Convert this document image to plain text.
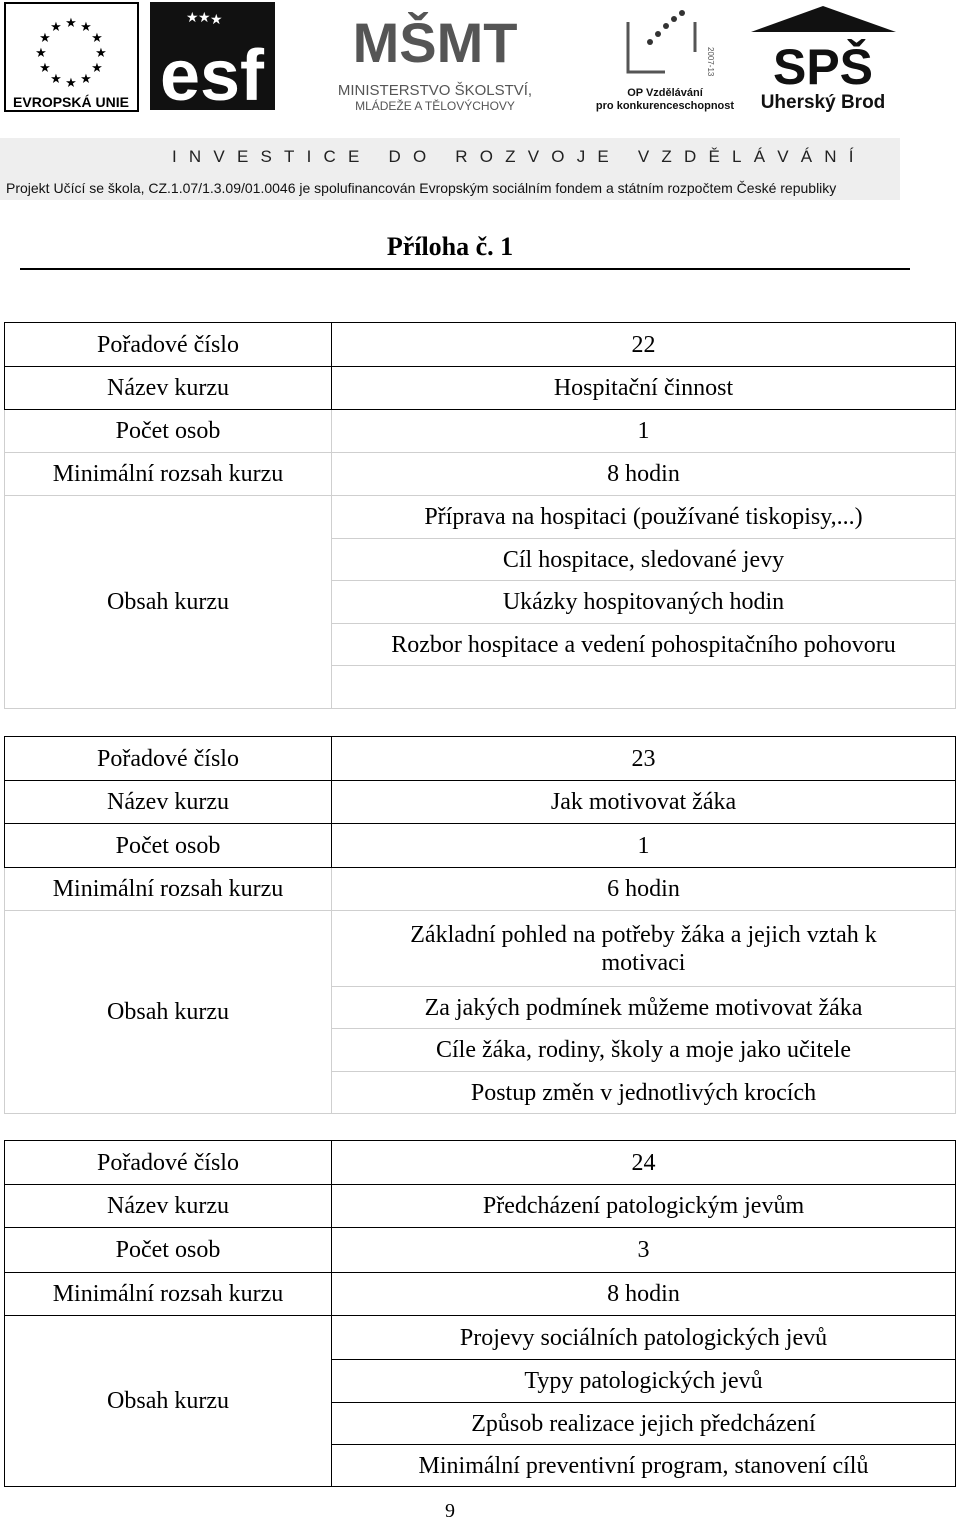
★ ★
★
★
★
★
★
★
★
★
★
★
EVROPSKÁ UNIE
★ ★ ★
esf MŠMT
MINISTERSTVO ŠKOLSTVÍ,
MLÁDEŽE A TĚLOVÝCHOVY
2007-13
OP Vzdělávání
pro konkurenceschopnost
SPŠ
Uherský Brod
INVESTICE DO ROZVOJE VZDĚLÁVÁNÍ
Projekt Učící se škola, CZ.1.07/1.3.09/01.0046 je spolufinancován Evropským sociálním fondem a státním rozpočtem České republiky
Příloha č. 1
Pořadové číslo	22
Název kurzu	Hospitační činnost
Počet osob	1
Minimální rozsah kurzu	8 hodin
Obsah kurzu	Příprava na hospitaci (používané tiskopisy,...)
	Cíl hospitace, sledované jevy
	Ukázky hospitovaných hodin
	Rozbor hospitace a vedení pohospitačního pohovoru

Pořadové číslo	23
Název kurzu	Jak motivovat žáka
Počet osob	1
Minimální rozsah kurzu	6 hodin
Obsah kurzu	Základní pohled na potřeby žáka a jejich vztah k motivaci
	Za jakých podmínek můžeme motivovat žáka
	Cíle žáka, rodiny, školy a moje jako učitele
	Postup změn v jednotlivých krocích
Pořadové číslo	24
Název kurzu	Předcházení patologickým jevům
Počet osob	3
Minimální rozsah kurzu	8 hodin
Obsah kurzu	Projevy sociálních patologických jevů
	Typy patologických jevů
	Způsob realizace jejich předcházení
	Minimální preventivní program, stanovení cílů
9
